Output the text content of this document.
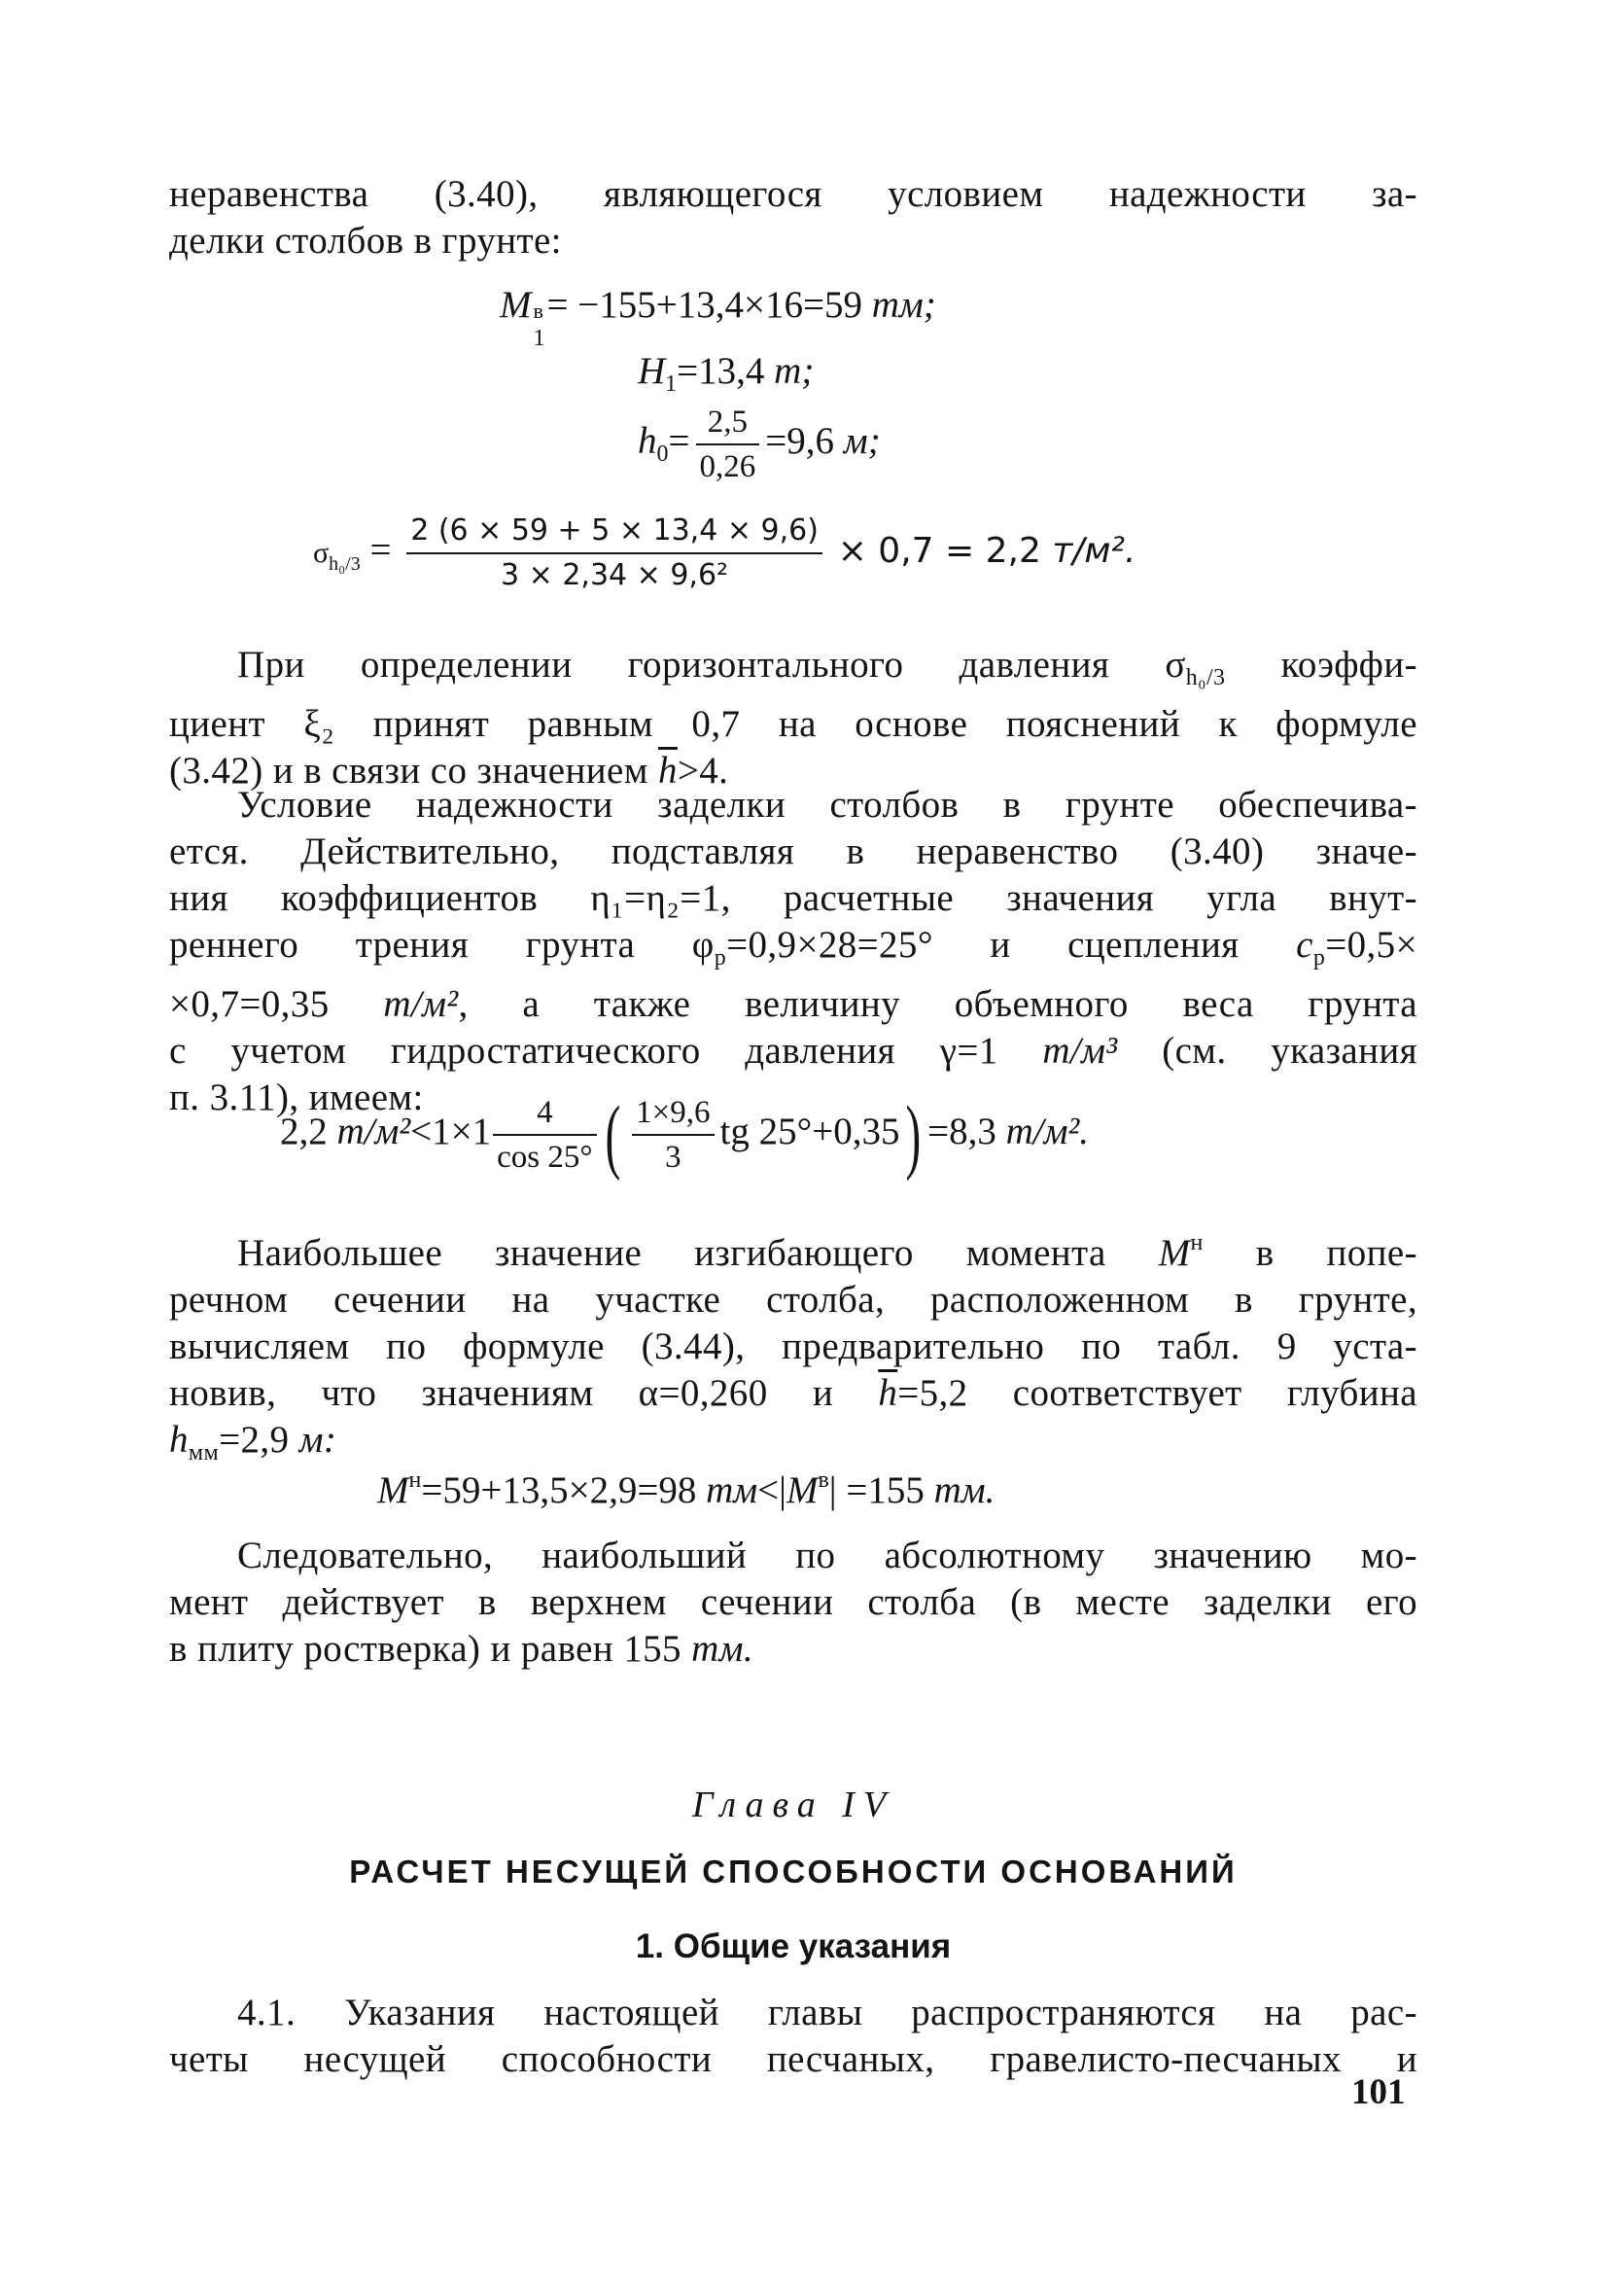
неравенства (3.40), являющегося условием надежности за-
делки столбов в грунте:
M в
1
= −155+13,4×16=59 тм;
$H_1=13,4$ т;
$h_0= \frac{2,5}{0,26} =9,6$ м;
$\sigma_{h_0/3} = \frac{2 (6 \times 59 + 5 \times 13,4 \times 9,6)}{\text{3 × 2,34 × 9,6²}} \times 0,7 = 2,2$ т/м².
При определении горизонтального давления $\sigma_{h_0/3}$ коэффи-
циент ξ₂ принят равным 0,7 на основе пояснений к формуле
(3.42) и в связи со значением $\overline{h}>4$.
Условие надежности заделки столбов в грунте обеспечива-
ется. Действительно, подставляя в неравенство (3.40) значе-
ния коэффициентов η₁=η₂=1, расчетные значения угла внут-
реннего трения грунта $\varphi_р=0,9\times 28=25^\circ$ и сцепления $c_р=0,5\times$
×0,7=0,35 т/м², а также величину объемного веса грунта
с учетом гидростатического давления γ=1 т/м³ (см. указания
п. 3.11), имеем:
2,2 $т/м^2<1\times 1 \frac{4}{\cos 25^\circ}$ ( $\frac{1\times 9,6}{3}$ tg 25°+0,35) =8,3 т/м².
Наибольшее значение изгибающего момента $M^н$ в попе-
речном сечении на участке столба, расположенном в грунте,
вычисляем по формуле (3.44), предварительно по табл. 9 уста-
новив, что значениям α=0,260 и $\overline{h}=5,2$ соответствует глубина
$h_{мм}=2,9$ м:
$M^н=59+13,5\times 2,9=98$ $тм<|M^в| =155$ тм.
Следовательно, наибольший по абсолютному значению мо-
мент действует в верхнем сечении столба (в месте заделки его
в плиту ростверка) и равен 155 тм.
Глава IV
РАСЧЕТ НЕСУЩЕЙ СПОСОБНОСТИ ОСНОВАНИЙ
1. Общие указания
4.1. Указания настоящей главы распространяются на рас-
четы несущей способности песчаных, гравелисто-песчаных и
101
